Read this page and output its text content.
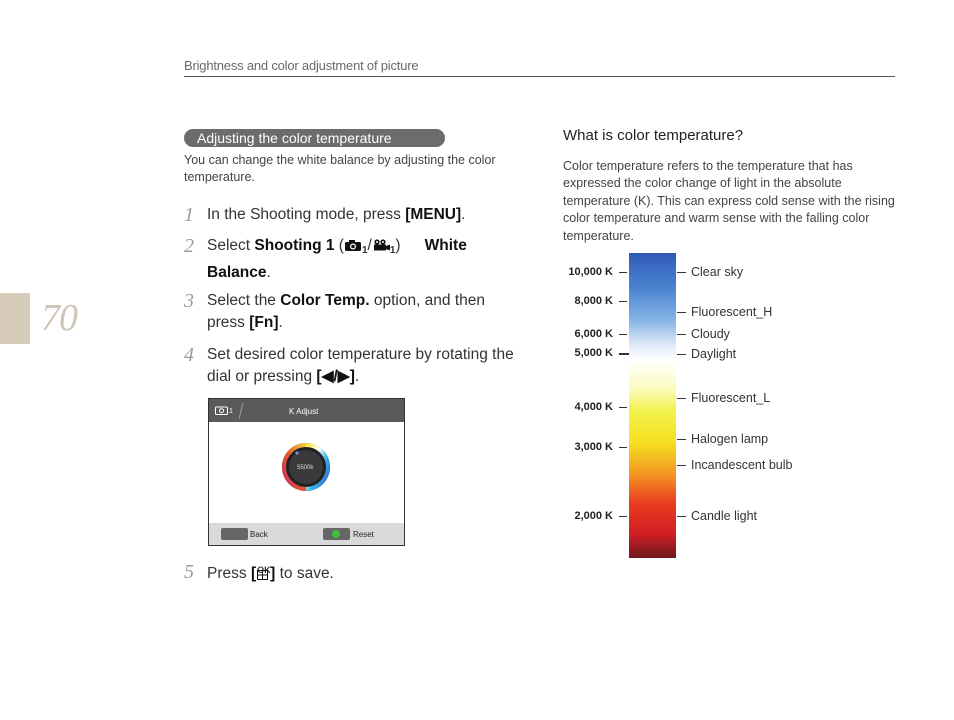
Brightness and color adjustment of picture
70
Adjusting the color temperature
You can change the white balance by adjusting the color temperature.
1 In the Shooting mode, press [MENU].
2 Select Shooting 1 ( 1/ 1) → White Balance.
3 Select the Color Temp. option, and then press [Fn].
4 Set desired color temperature by rotating the dial or pressing [◀/▶].
1	K Adjust
5500k
Back	Reset
5 Press [ OK ] to save.
What is color temperature?
Color temperature refers to the temperature that has expressed the color change of light in the absolute temperature (K). This can express cold sense with the rising color temperature and warm sense with the falling color temperature.
10,000 K
8,000 K
6,000 K
5,000 K
4,000 K
3,000 K
2,000 K
Clear sky
Fluorescent_H
Cloudy
Daylight
Fluorescent_L
Halogen lamp
Incandescent bulb
Candle light
